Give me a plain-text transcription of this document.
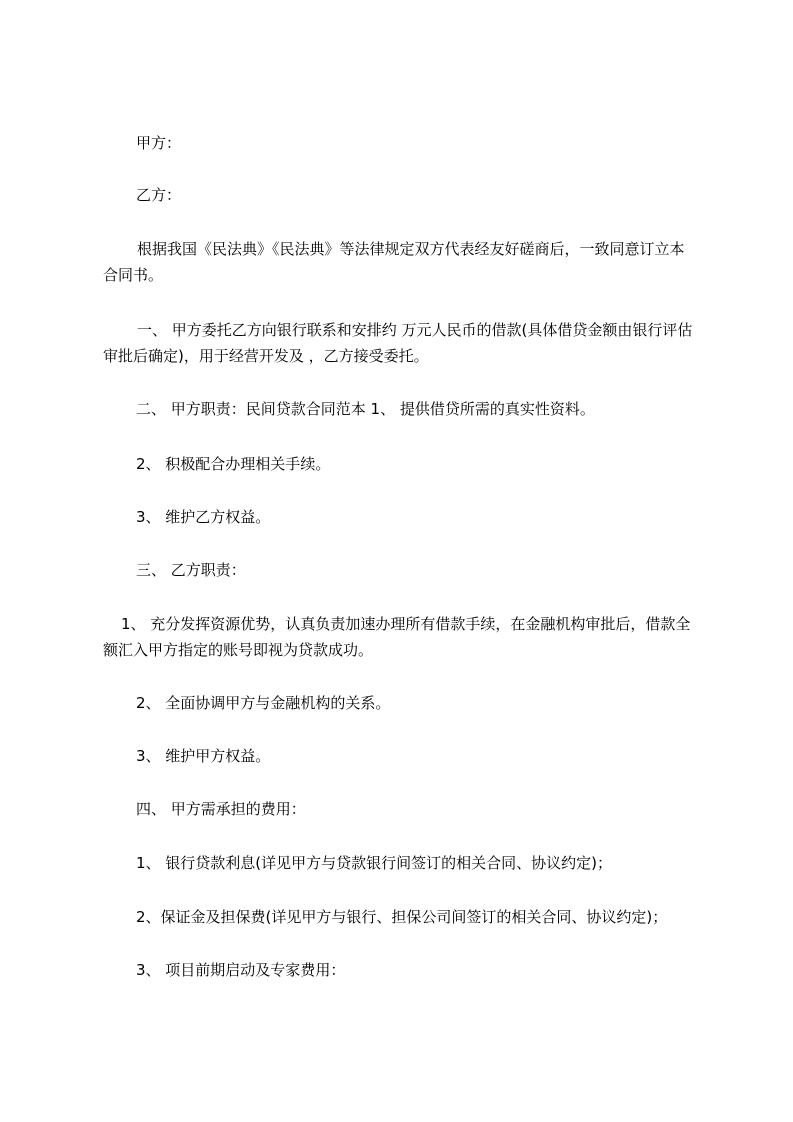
甲方：

乙方：

根据我国《民法典》《民法典》等法律规定双方代表经友好磋商后，一致同意订立本合同书。

一、 甲方委托乙方向银行联系和安排约 万元人民币的借款(具体借贷金额由银行评估审批后确定)，用于经营开发及 ，乙方接受委托。

二、 甲方职责：民间贷款合同范本 1、 提供借贷所需的真实性资料。

2、 积极配合办理相关手续。

3、 维护乙方权益。

三、 乙方职责：

1、 充分发挥资源优势，认真负责加速办理所有借款手续，在金融机构审批后，借款全额汇入甲方指定的账号即视为贷款成功。

2、 全面协调甲方与金融机构的关系。

3、 维护甲方权益。

四、 甲方需承担的费用：

1、 银行贷款利息(详见甲方与贷款银行间签订的相关合同、协议约定)；

2、保证金及担保费(详见甲方与银行、担保公司间签订的相关合同、协议约定)；

3、 项目前期启动及专家费用：
